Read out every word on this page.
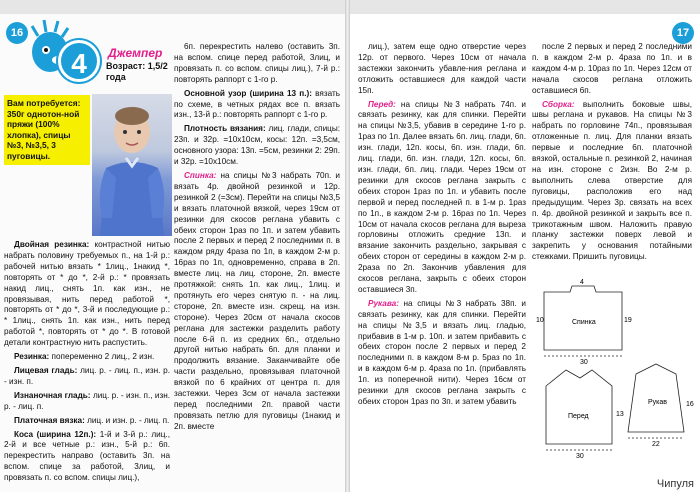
16
4	Джемпер
Возраст: 1,5/2 года
Вам потребуется:
350г однотон-ной пряжи (100% хлопка), спицы №3, №3,5, 3 пуговицы.

Двойная резинка: контрастной нитью набрать половину требуемых п., на 1-й р.: рабочей нитью вязать * 1лиц., 1накид *, повторять от * до *, 2-й р.: * провязать накид лиц., снять 1п. как изн., не провязывая, нить перед работой *, повторять от * до *, 3-й и последующие р.: * 1лиц., снять 1п. как изн., нить перед работой *, повторять от * до *. В готовой детали контрастную нить распустить.

Резинка: попеременно 2 лиц., 2 изн.

Лицевая гладь: лиц. р. - лиц. п., изн. р. - изн. п.

Изнаночная гладь: лиц. р. - изн. п., изн. р. - лиц. п.

Платочная вязка: лиц. и изн. р. - лиц. п.

Коса (ширина 12п.): 1-й и 3-й р.: лиц., 2-й и все четные р.: изн., 5-й р.: 6п. перекрестить направо (оставить 3п. на вспом. спице за работой, 3лиц, и провязать п. со вспом. спицы лиц.),

6п. перекрестить налево (оставить 3п. на вспом. спице перед работой, 3лиц, и провязать п. со вспом. спицы лиц.), 7-й р.: повторять раппорт с 1-го р.

Основной узор (ширина 13 п.): вязать по схеме, в четных рядах все п. вязать изн., 13-й р.: повторять раппорт с 1-го р.

Плотность вязания: лиц. глади, спицы: 23п. и 32р. =10х10см, косы: 12п. =3,5см, основного узора: 13п. =5см, резинки 2: 29п. и 32р. =10х10см.

Спинка: на спицы №3 набрать 70п. и вязать 4р. двойной резинкой и 12р. резинкой 2 (=3см). Перейти на спицы №3,5 и вязать платочной вязкой, через 19см от резинки для скосов реглана убавить с обеих сторон 1раз по 1п. и затем убавить после 2 первых и перед 2 последними п. в каждом ряду 4раза по 1п, в каждом 2-м р. 16раз по 1п, одновременно, справа в 2п. вместе лиц. на лиц. стороне, 2п. вместе протяжкой: снять 1п. как лиц., 1лиц. и протянуть его через снятую п. - на лиц. стороне, 2п. вместе изн. скрещ. на изн. стороне). Через 20см от начала скосов реглана для застежки разделить работу после 6-й п. из средних 6п., отдельно другой нитью набрать 6п. для планки и продолжить вязание. Заканчивайте обе части раздельно, провязывая платочной вязкой по 6 крайних от центра п. для застежки. Через 3см от начала застежки перед последними 2п. правой части провязать петлю для пуговицы (1накид и 2п. вместе

17

лиц.), затем еще одно отверстие через 12р. от первого. Через 10см от начала застежки закончить убавле-ния реглана и отложить оставшиеся для каждой части 15п.

Перед: на спицы №3 набрать 74п. и связать резинку, как для спинки. Перейти на спицы №3,5, убавив в середине 1-го р. 1раз по 1п. Далее вязать 6п. лиц. глади, 6п. изн. глади, 12п. косы, 6п. изн. глади, 6п. лиц. глади, 6п. изн. глади, 12п. косы, 6п. изн. глади, 6п. лиц. глади. Через 19см от резинки для скосов реглана закрыть с обеих сторон 1раз по 1п. и убавить после первой и перед последней п. в 1-м р. 1раз по 1п., в каждом 2-м р. 16раз по 1п. Через 10см от начала скосов реглана для выреза горловины отложить средние 13п. и вязание закончить раздельно, закрывая с обеих сторон от середины в каждом 2-м р. 2раза по 2п. Закончив убавления для скосов реглана, закрыть с обеих сторон оставшиеся 3п.

Рукава: на спицы №3 набрать 38п. и связать резинку, как для спинки. Перейти на спицы №3,5 и вязать лиц. гладью, прибавив в 1-м р. 10п. и затем прибавить с обеих сторон после 2 первых и перед 2 последними п. в каждом 8-м р. 5раз по 1п. и в каждом 6-м р. 4раза по 1п. (прибавлять 1п. из поперечной нити). Через 16см от резинки для скосов реглана закрыть с обеих сторон 1раз по 3п. и затем убавить

после 2 первых и перед 2 последними п. в каждом 2-м р. 4раза по 1п. и в каждом 4-м р. 10раз по 1п. Через 12см от начала скосов реглана отложить оставшиеся 6п.

Сборка: выполнить боковые швы, швы реглана и рукавов. На спицы №3 набрать по горловине 74п., провязывая отложенные п. лиц. Для планки вязать первые и последние 6п. платочной вязкой, остальные п. резинкой 2, начиная на изн. стороне с 2изн. Во 2-м р. выполнить слева отверстие для пуговицы, расположив его над предыдущим. Через 3р. связать на всех п. 4р. двойной резинкой и закрыть все п. трикотажным швом. Наложить правую планку застежки поверх левой и закрепить у основания потайными стежками. Пришить пуговицы.

Спинка
Перед
Рукав
30
19
10
30
13
22
16
4
Чипуля
